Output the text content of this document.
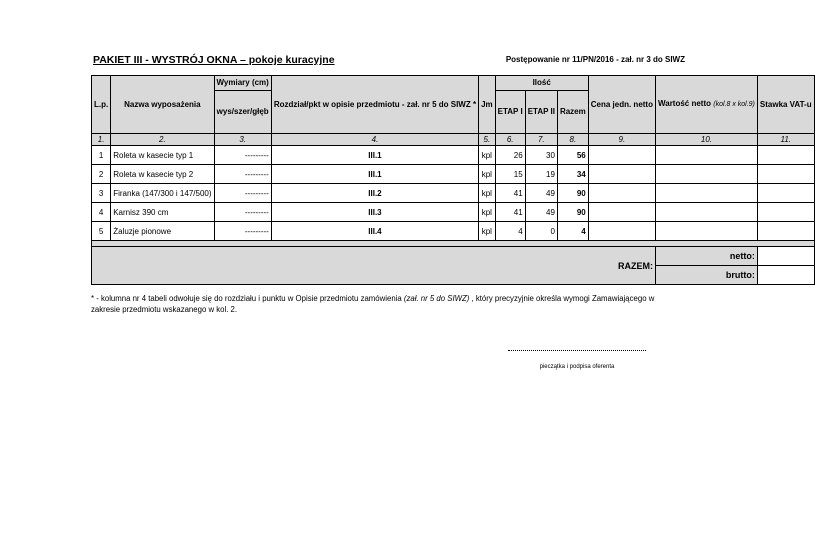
PAKIET III - WYSTRÓJ OKNA – pokoje kuracyjne	Postępowanie nr 11/PN/2016 - zał. nr 3 do SIWZ
L.p.	Nazwa wyposażenia	Wymiary (cm)	Rozdział/pkt w opisie przedmiotu - zał. nr 5 do SIWZ *	Jm	Ilość			Cena jedn. netto	Wartość netto (kol.8 x kol.9)	Stawka VAT-u
		wys/szer/głęb			ETAP I	ETAP II	Razem			
1.	2.	3.	4.	5.	6.	7.	8.	9.	10.	11.
1	Roleta w kasecie typ 1	---------	III.1	kpl	26	30	56			
2	Roleta w kasecie typ 2	---------	III.1	kpl	15	19	34			
3	Firanka (147/300 i 147/500)	---------	III.2	kpl	41	49	90			
4	Karnisz 390 cm	---------	III.3	kpl	41	49	90			
5	Żaluzje pionowe	---------	III.4	kpl	4	0	4			

RAZEM:									netto:	
									brutto:	
* - kolumna nr 4 tabeli odwołuje się do rozdziału i punktu w Opisie przedmiotu zamówienia (zał. nr 5 do SIWZ) , który precyzyjnie określa wymogi Zamawiającego w zakresie przedmiotu wskazanego w kol. 2.
pieczątka i podpisa oferenta
